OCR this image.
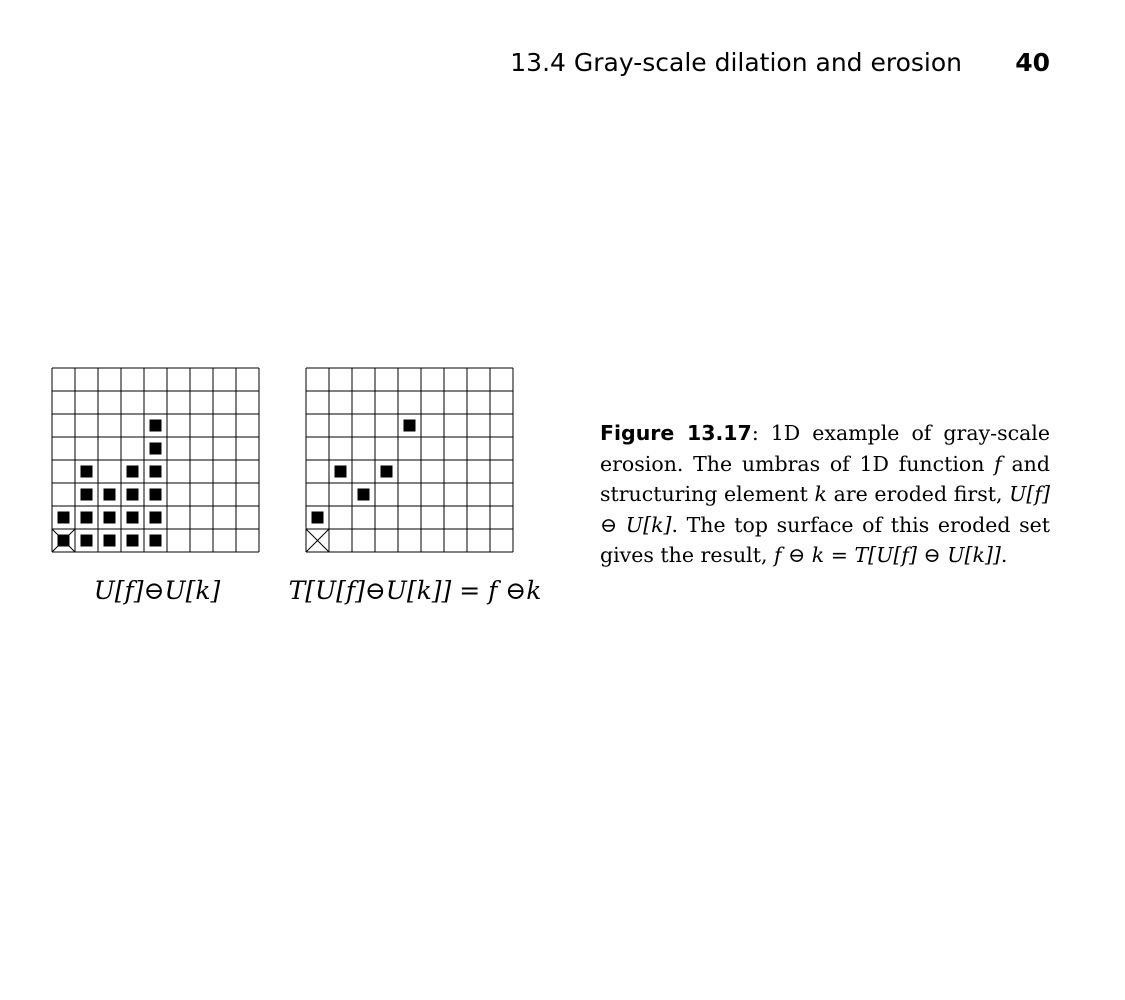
13.4 Gray-scale dilation and erosion 40
U[f]⊖U[k]	T[U[f]⊖U[k]] = f ⊖k
Figure 13.17: 1D example of gray-scale erosion. The umbras of 1D function f and structuring element k are eroded first, U[f] ⊖ U[k]. The top surface of this eroded set gives the result, f ⊖ k = T[U[f] ⊖ U[k]].
